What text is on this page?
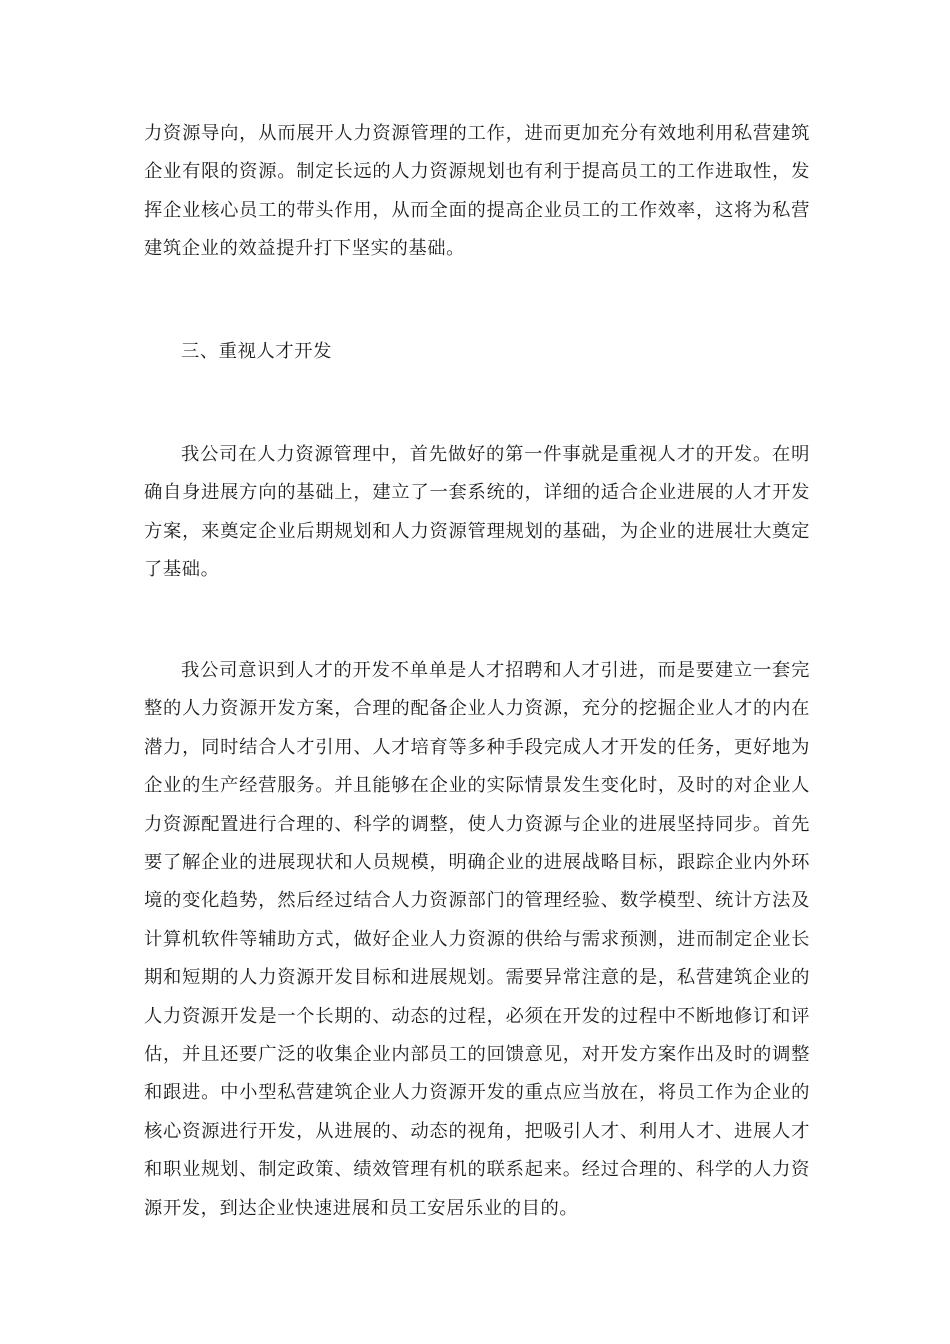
力资源导向，从而展开人力资源管理的工作，进而更加充分有效地利用私营建筑企业有限的资源。制定长远的人力资源规划也有利于提高员工的工作进取性，发挥企业核心员工的带头作用，从而全面的提高企业员工的工作效率，这将为私营建筑企业的效益提升打下坚实的基础。

三、重视人才开发

我公司在人力资源管理中，首先做好的第一件事就是重视人才的开发。在明确自身进展方向的基础上，建立了一套系统的，详细的适合企业进展的人才开发方案，来奠定企业后期规划和人力资源管理规划的基础，为企业的进展壮大奠定了基础。

我公司意识到人才的开发不单单是人才招聘和人才引进，而是要建立一套完整的人力资源开发方案，合理的配备企业人力资源，充分的挖掘企业人才的内在潜力，同时结合人才引用、人才培育等多种手段完成人才开发的任务，更好地为企业的生产经营服务。并且能够在企业的实际情景发生变化时，及时的对企业人力资源配置进行合理的、科学的调整，使人力资源与企业的进展坚持同步。首先要了解企业的进展现状和人员规模，明确企业的进展战略目标，跟踪企业内外环境的变化趋势，然后经过结合人力资源部门的管理经验、数学模型、统计方法及计算机软件等辅助方式，做好企业人力资源的供给与需求预测，进而制定企业长期和短期的人力资源开发目标和进展规划。需要异常注意的是，私营建筑企业的人力资源开发是一个长期的、动态的过程，必须在开发的过程中不断地修订和评估，并且还要广泛的收集企业内部员工的回馈意见，对开发方案作出及时的调整和跟进。中小型私营建筑企业人力资源开发的重点应当放在，将员工作为企业的核心资源进行开发，从进展的、动态的视角，把吸引人才、利用人才、进展人才和职业规划、制定政策、绩效管理有机的联系起来。经过合理的、科学的人力资源开发，到达企业快速进展和员工安居乐业的目的。
